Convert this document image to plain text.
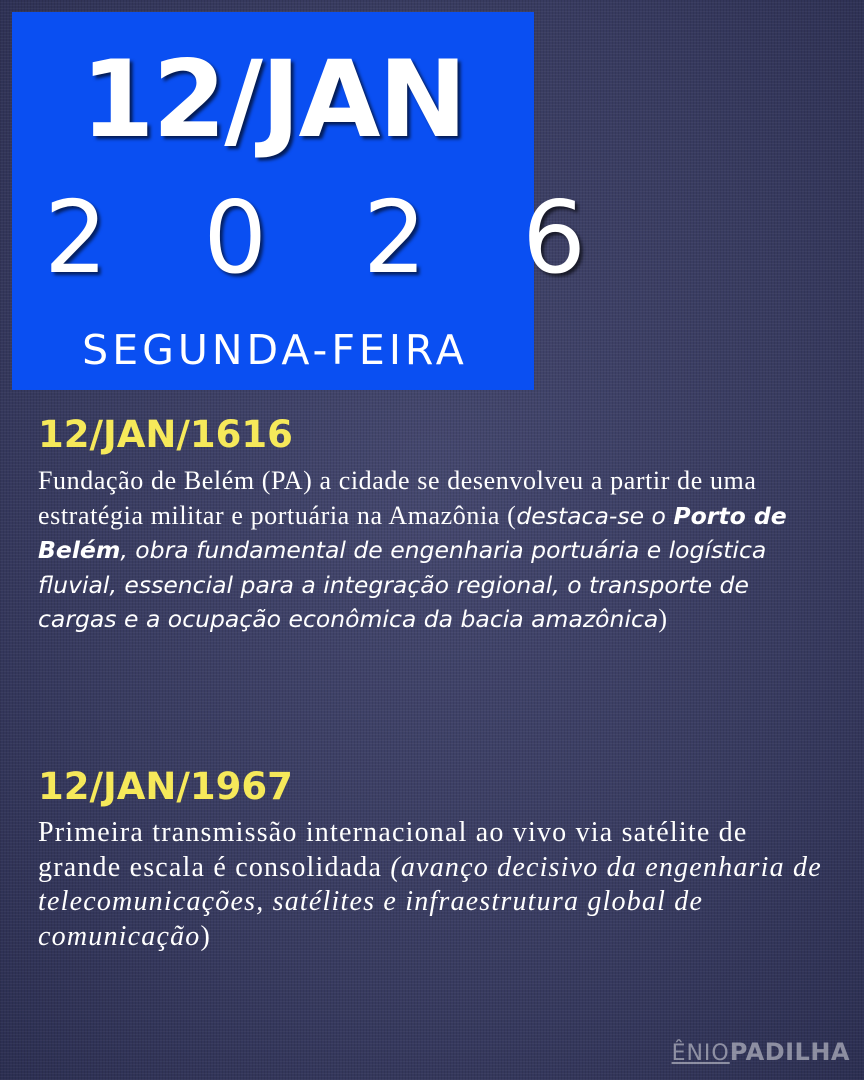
12/JAN
2 0 2 6
SEGUNDA-FEIRA
12/JAN/1616
Fundação de Belém (PA) a cidade se desenvolveu a partir de uma estratégia militar e portuária na Amazônia (destaca-se o Porto de Belém, obra fundamental de engenharia portuária e logística fluvial, essencial para a integração regional, o transporte de cargas e a ocupação econômica da bacia amazônica)
12/JAN/1967
Primeira transmissão internacional ao vivo via satélite de grande escala é consolidada (avanço decisivo da engenharia de telecomunicações, satélites e infraestrutura global de comunicação)
ÊNIOPADILHA
